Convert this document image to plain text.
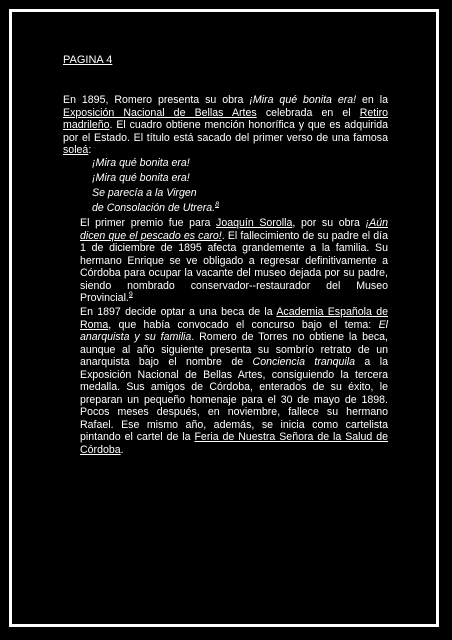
PAGINA 4
En 1895, Romero presenta su obra ¡Mira qué bonita era! en la Exposición Nacional de Bellas Artes celebrada en el Retiro madrileño. El cuadro obtiene mención honorífica y que es adquirida por el Estado. El título está sacado del primer verso de una famosa soleá:
¡Mira qué bonita era!
¡Mira qué bonita era!
Se parecía a la Virgen
de Consolación de Utrera.$^8$
El primer premio fue para Joaquín Sorolla, por su obra ¡Aún dicen que el pescado es caro!. El fallecimiento de su padre el día 1 de diciembre de 1895 afecta grandemente a la familia. Su hermano Enrique se ve obligado a regresar definitivamente a Córdoba para ocupar la vacante del museo dejada por su padre, siendo nombrado conservador--restaurador del Museo Provincial.$^9$
En 1897 decide optar a una beca de la Academia Española de Roma, que había convocado el concurso bajo el tema: El anarquista y su familia. Romero de Torres no obtiene la beca, aunque al año siguiente presenta su sombrío retrato de un anarquista bajo el nombre de Conciencia tranquila a la Exposición Nacional de Bellas Artes, consiguiendo la tercera medalla. Sus amigos de Córdoba, enterados de su éxito, le preparan un pequeño homenaje para el 30 de mayo de 1898. Pocos meses después, en noviembre, fallece su hermano Rafael. Ese mismo año, además, se inicia como cartelista pintando el cartel de la Feria de Nuestra Señora de la Salud de Córdoba.
